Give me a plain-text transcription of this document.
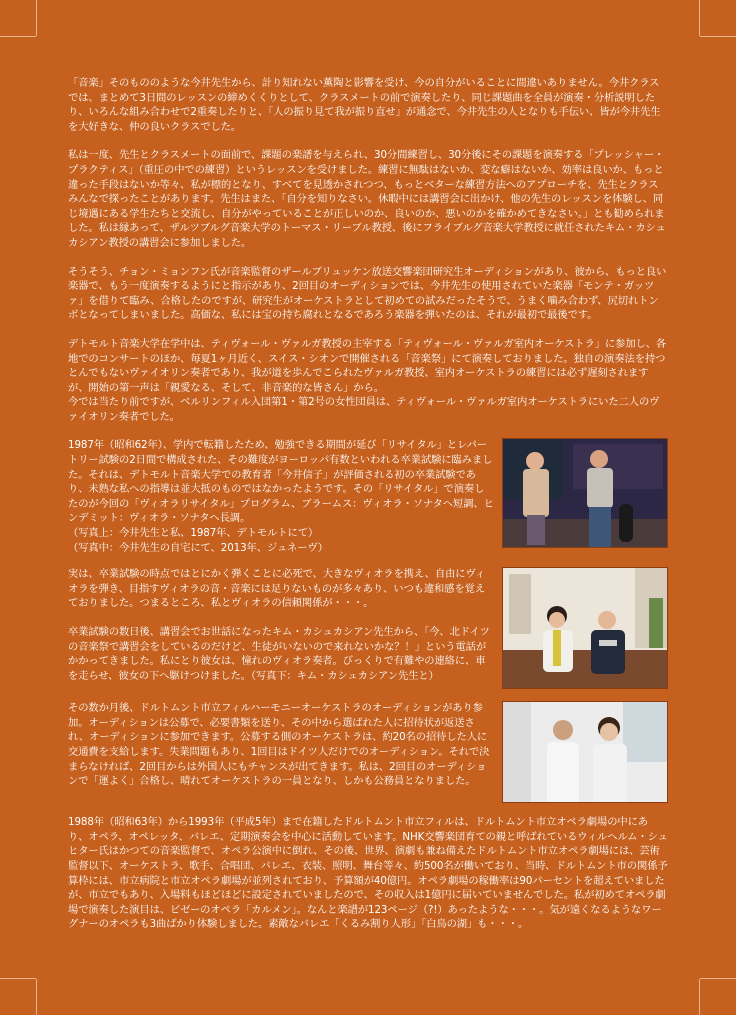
「音楽」そのもののような今井先生から、計り知れない薫陶と影響を受け、今の自分がいることに間違いありません。今井クラスでは、まとめて3日間のレッスンの締めくくりとして、クラスメートの前で演奏したり、同じ課題曲を全員が演奏・分析説明したり、いろんな組み合わせで2重奏したりと、「人の振り見て我が振り直せ」が通念で、今井先生の人となりも手伝い、皆が今井先生を大好きな、仲の良いクラスでした。

私は一度、先生とクラスメートの面前で、課題の楽譜を与えられ、30分間練習し、30分後にその課題を演奏する「プレッシャー・プラクティス」（重圧の中での練習）というレッスンを受けました。練習に無駄はないか、変な癖はないか、効率は良いか、もっと違った手段はないか等々、私が標的となり、すべてを見透かされつつ、もっとベターな練習方法へのアプローチを、先生とクラスみんなで探ったことがあります。先生はまた、「自分を知りなさい。休暇中には講習会に出かけ、他の先生のレッスンを体験し、同じ境遇にある学生たちと交流し、自分がやっていることが正しいのか、良いのか、悪いのかを確かめてきなさい。」とも勧められました。私は縁あって、ザルツブルグ音楽大学のトーマス・リーブル教授、後にフライブルグ音楽大学教授に就任されたキム・カシュカシアン教授の講習会に参加しました。

そうそう、チョン・ミョンフン氏が音楽監督のザールブリュッケン放送交響楽団研究生オーディションがあり、彼から、もっと良い楽器で、もう一度演奏するようにと指示があり、2回目のオーディションでは、今井先生の使用されていた楽器「モンテ・ガッツァ」を借りて臨み、合格したのですが、研究生がオーケストラとして初めての試みだったそうで、うまく噛み合わず、尻切れトンボとなってしまいました。高価な、私には宝の持ち腐れとなるであろう楽器を弾いたのは、それが最初で最後です。

デトモルト音楽大学在学中は、ティヴォール・ヴァルガ教授の主宰する「ティヴォール・ヴァルガ室内オーケストラ」に参加し、各地でのコンサートのほか、毎夏1ヶ月近く、スイス・シオンで開催される「音楽祭」にて演奏しておりました。独自の演奏法を持つとんでもないヴァイオリン奏者であり、我が道を歩んでこられたヴァルガ教授、室内オーケストラの練習には必ず遅刻されますが、開始の第一声は「親愛なる、そして、非音楽的な皆さん」から。
今では当たり前ですが、ベルリンフィル入団第1・第2号の女性団員は、ティヴォール・ヴァルガ室内オーケストラにいた二人のヴァイオリン奏者でした。

1987年（昭和62年）、学内で転籍したため、勉強できる期間が延び「リサイタル」とレパートリー試験の2日間で構成された、その難度がヨーロッパ有数といわれる卒業試験に臨みました。それは、デトモルト音楽大学での教育者「今井信子」が評価される初の卒業試験であり、未熟な私への指導は並大抵のものではなかったようです。その「リサイタル」で演奏したのが今回の「ヴィオラリサイタル」プログラム、ブラームス：ヴィオラ・ソナタヘ短調、ヒンデミット：ヴィオラ・ソナタヘ長調。
（写真上：今井先生と私、1987年、デトモルトにて）
（写真中：今井先生の自宅にて、2013年、ジュネーヴ）

実は、卒業試験の時点ではとにかく弾くことに必死で、大きなヴィオラを携え、自由にヴィオラを弾き、目指すヴィオラの音・音楽には足りないものが多々あり、いつも違和感を覚えておりました。つまるところ、私とヴィオラの信頼関係が・・・。

卒業試験の数日後、講習会でお世話になったキム・カシュカシアン先生から、「今、北ドイツの音楽祭で講習会をしているのだけど、生徒がいないので来れないかな？！」という電話がかかってきました。私にとり彼女は、憧れのヴィオラ奏者。びっくりで有難やの連絡に、車を走らせ、彼女の下へ駆けつけました。（写真下：キム・カシュカシアン先生と）

その数か月後、ドルトムント市立フィルハーモニーオーケストラのオーディションがあり参加。オーディションは公募で、必要書類を送り、その中から選ばれた人に招待状が返送され、オーディションに参加できます。公募する側のオーケストラは、約20名の招待した人に交通費を支給します。失業問題もあり、1回目はドイツ人だけでのオーディション。それで決まらなければ、2回目からは外国人にもチャンスが出てきます。私は、2回目のオーディションで「運よく」合格し、晴れてオーケストラの一員となり、しかも公務員となりました。

1988年（昭和63年）から1993年（平成5年）まで在籍したドルトムント市立フィルは、ドルトムント市立オペラ劇場の中にあり、オペラ、オペレッタ、バレエ、定期演奏会を中心に活動しています。NHK交響楽団育ての親と呼ばれているウィルヘルム・シュヒター氏はかつての音楽監督で、オペラ公演中に倒れ、その後、世界、演劇も兼ね備えたドルトムント市立オペラ劇場には、芸術監督以下、オーケストラ、歌手、合唱団、バレエ、衣装、照明、舞台等々、約500名が働いており、当時、ドルトムント市の関係予算枠には、市立病院と市立オペラ劇場が並列されており、予算額が40億円。オペラ劇場の稼働率は90パーセントを超えていましたが、市立でもあり、入場料もほどほどに設定されていましたので、その収入は1億円に届いていませんでした。私が初めてオペラ劇場で演奏した演目は、ビゼーのオペラ「カルメン」。なんと楽譜が123ページ（?!）あったような・・・。気が遠くなるようなワーグナーのオペラも3曲ばかり体験しました。素敵なバレエ「くるみ割り人形」「白鳥の湖」も・・・。
